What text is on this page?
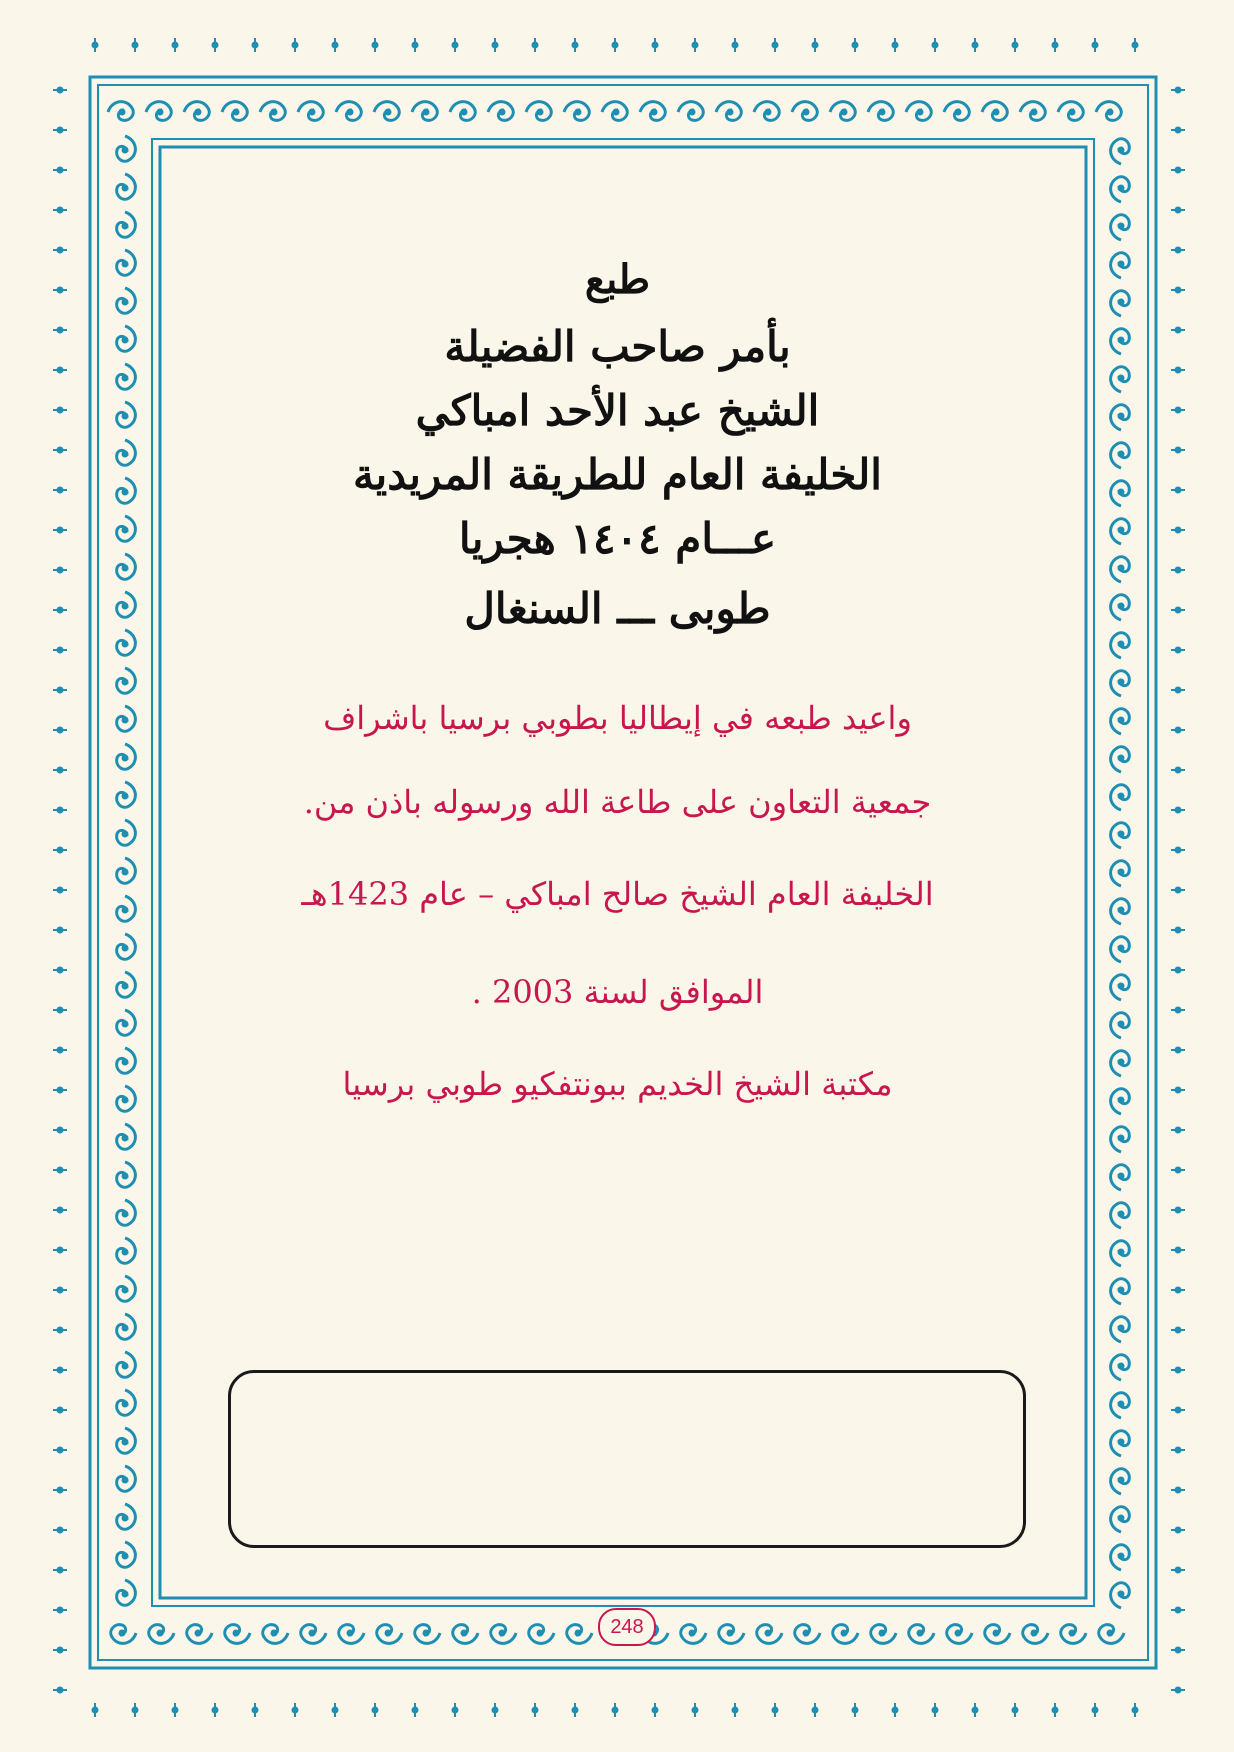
طبع
بأمر صاحب الفضيلة
الشيخ عبد الأحد امباكي
الخليفة العام للطريقة المريدية
عـــام ١٤٠٤ هجريا
طوبى ـــ السنغال
واعيد طبعه في إيطاليا بطوبي برسيا باشراف
جمعية التعاون على طاعة الله ورسوله باذن من.
الخليفة العام الشيخ صالح امباكي – عام 1423هـ
الموافق لسنة 2003 .
مكتبة الشيخ الخديم ببونتفكيو طوبي برسيا
248
